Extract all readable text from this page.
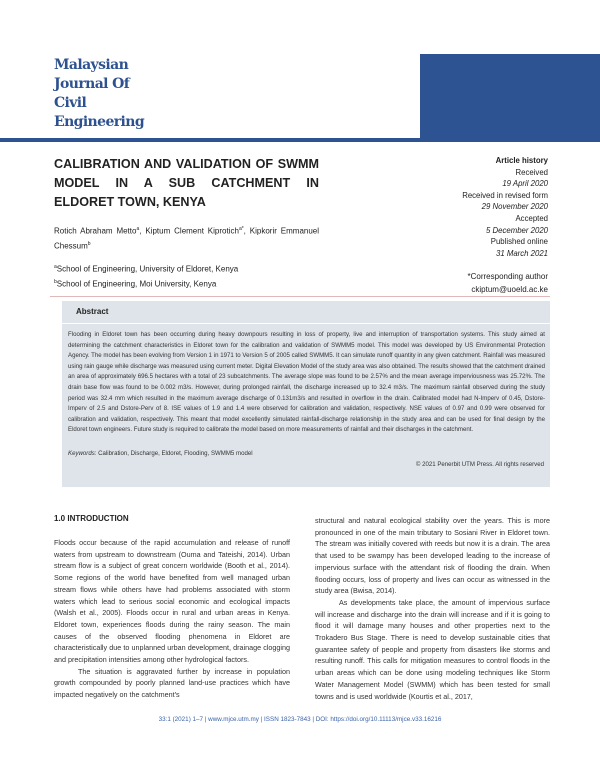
Malaysian
Journal Of
Civil
Engineering
CALIBRATION AND VALIDATION OF SWMM MODEL IN A SUB CATCHMENT IN ELDORET TOWN, KENYA
Rotich Abraham Metto$^a$, Kiptum Clement Kiprotich$^{a*}$, Kipkorir Emmanuel Chessum$^b$
$^a$School of Engineering, University of Eldoret, Kenya
$^b$School of Engineering, Moi University, Kenya
Article history
Received
19 April 2020
Received in revised form
29 November 2020
Accepted
5 December 2020
Published online
31 March 2021
*Corresponding author
ckiptum@uoeld.ac.ke
Abstract
Flooding in Eldoret town has been occurring during heavy downpours resulting in loss of property, live and interruption of transportation systems. This study aimed at determining the catchment characteristics in Eldoret town for the calibration and validation of SWMM5 model. This model was developed by US Environmental Protection Agency. The model has been evolving from Version 1 in 1971 to Version 5 of 2005 called SWMM5. It can simulate runoff quantity in any given catchment. Rainfall was measured using rain gauge while discharge was measured using current meter. Digital Elevation Model of the study area was also obtained. The results showed that the catchment drained an area of approximately 696.5 hectares with a total of 23 subcatchments. The average slope was found to be 2.57% and the mean average imperviousness was 25.72%. The drain base flow was found to be 0.002 m3/s. However, during prolonged rainfall, the discharge increased up to 32.4 m3/s. The maximum rainfall observed during the study period was 32.4 mm which resulted in the maximum average discharge of 0.131m3/s and resulted in overflow in the drain. Calibrated model had N-Imperv of 0.45, Dstore-Imperv of 2.5 and Dstore-Perv of 8. ISE values of 1.9 and 1.4 were observed for calibration and validation, respectively. NSE values of 0.97 and 0.99 were observed for calibration and validation, respectively. This meant that model excellently simulated rainfall-discharge relationship in the study area and can be used for final design by the Eldoret town engineers. Future study is required to calibrate the model based on more measurements of rainfall and their discharges in the catchment.
Keywords: Calibration, Discharge, Eldoret, Flooding, SWMM5 model
© 2021 Penerbit UTM Press. All rights reserved
1.0 INTRODUCTION

Floods occur because of the rapid accumulation and release of runoff waters from upstream to downstream (Ouma and Tateishi, 2014). Urban stream flow is a subject of great concern worldwide (Booth et al., 2014). Some regions of the world have benefited from well managed urban stream flows while others have had problems associated with storm waters which lead to serious social economic and ecological impacts (Walsh et al., 2005). Floods occur in rural and urban areas in Kenya. Eldoret town, experiences floods during the rainy season. The main causes of the observed flooding phenomena in Eldoret are characteristically due to unplanned urban development, drainage clogging and precipitation intensities among other hydrological factors.

The situation is aggravated further by increase in population growth compounded by poorly planned land-use practices which have impacted negatively on the catchment's

structural and natural ecological stability over the years. This is more pronounced in one of the main tributary to Sosiani River in Eldoret town. The stream was initially covered with reeds but now it is a drain. The area that used to be swampy has been developed leading to the increase of impervious surface with the attendant risk of flooding the drain. When flooding occurs, loss of property and lives can occur as witnessed in the study area (Bwisa, 2014).

As developments take place, the amount of impervious surface will increase and discharge into the drain will increase and if it is going to flood it will damage many houses and other properties next to the Trokadero Bus Stage. There is need to develop sustainable cities that guarantee safety of people and property from disasters like storms and resulting runoff. This calls for mitigation measures to control floods in the urban areas which can be done using modeling techniques like Storm Water Management Model (SWMM) which has been tested for small towns and is used worldwide (Kourtis et al., 2017,

33:1 (2021) 1–7 | www.mjce.utm.my | ISSN 1823-7843 | DOI: https://doi.org/10.11113/mjce.v33.16216
